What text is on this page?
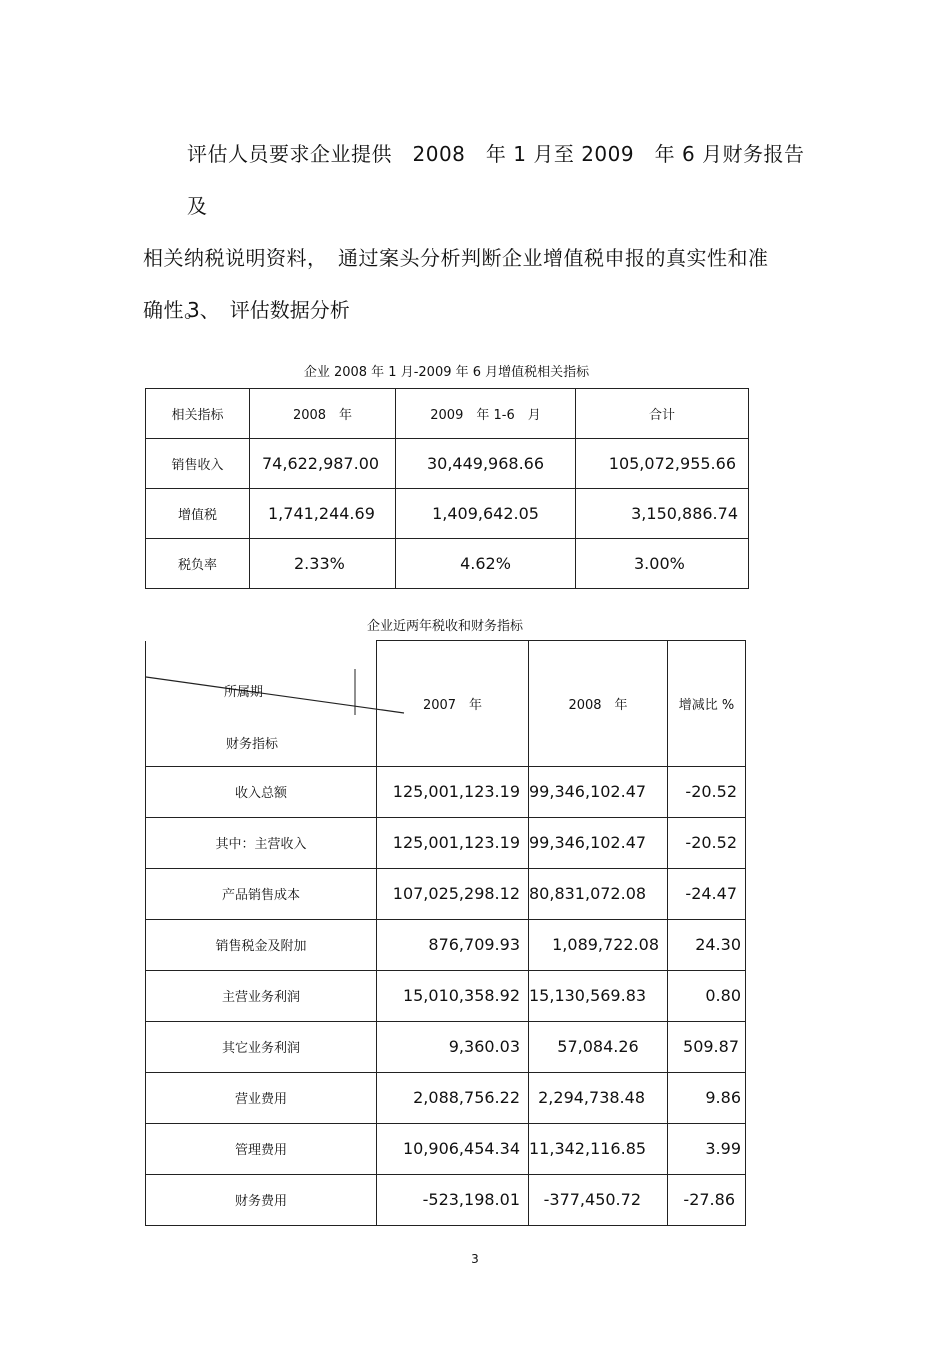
评估人员要求企业提供　2008　年 1 月至 2009　年 6 月财务报告及
相关纳税说明资料，　通过案头分析判断企业增值税申报的真实性和准
确性。
3、　评估数据分析
企业 2008 年 1 月-2009 年 6 月增值税相关指标
相关指标	2008　年	2009　年 1-6　月	合计
销售收入	74,622,987.00	30,449,968.66	105,072,955.66
增值税	1,741,244.69	1,409,642.05	3,150,886.74
税负率	2.33%	4.62%	3.00%
企业近两年税收和财务指标
所属期
财务指标	2007　年	2008　年	增减比 %
收入总额	125,001,123.19	99,346,102.47	-20.52
其中：主营收入	125,001,123.19	99,346,102.47	-20.52
产品销售成本	107,025,298.12	80,831,072.08	-24.47
销售税金及附加	876,709.93	1,089,722.08	24.30
主营业务利润	15,010,358.92	15,130,569.83	0.80
其它业务利润	9,360.03	57,084.26	509.87
营业费用	2,088,756.22	2,294,738.48	9.86
管理费用	10,906,454.34	11,342,116.85	3.99
财务费用	-523,198.01	-377,450.72	-27.86
3
